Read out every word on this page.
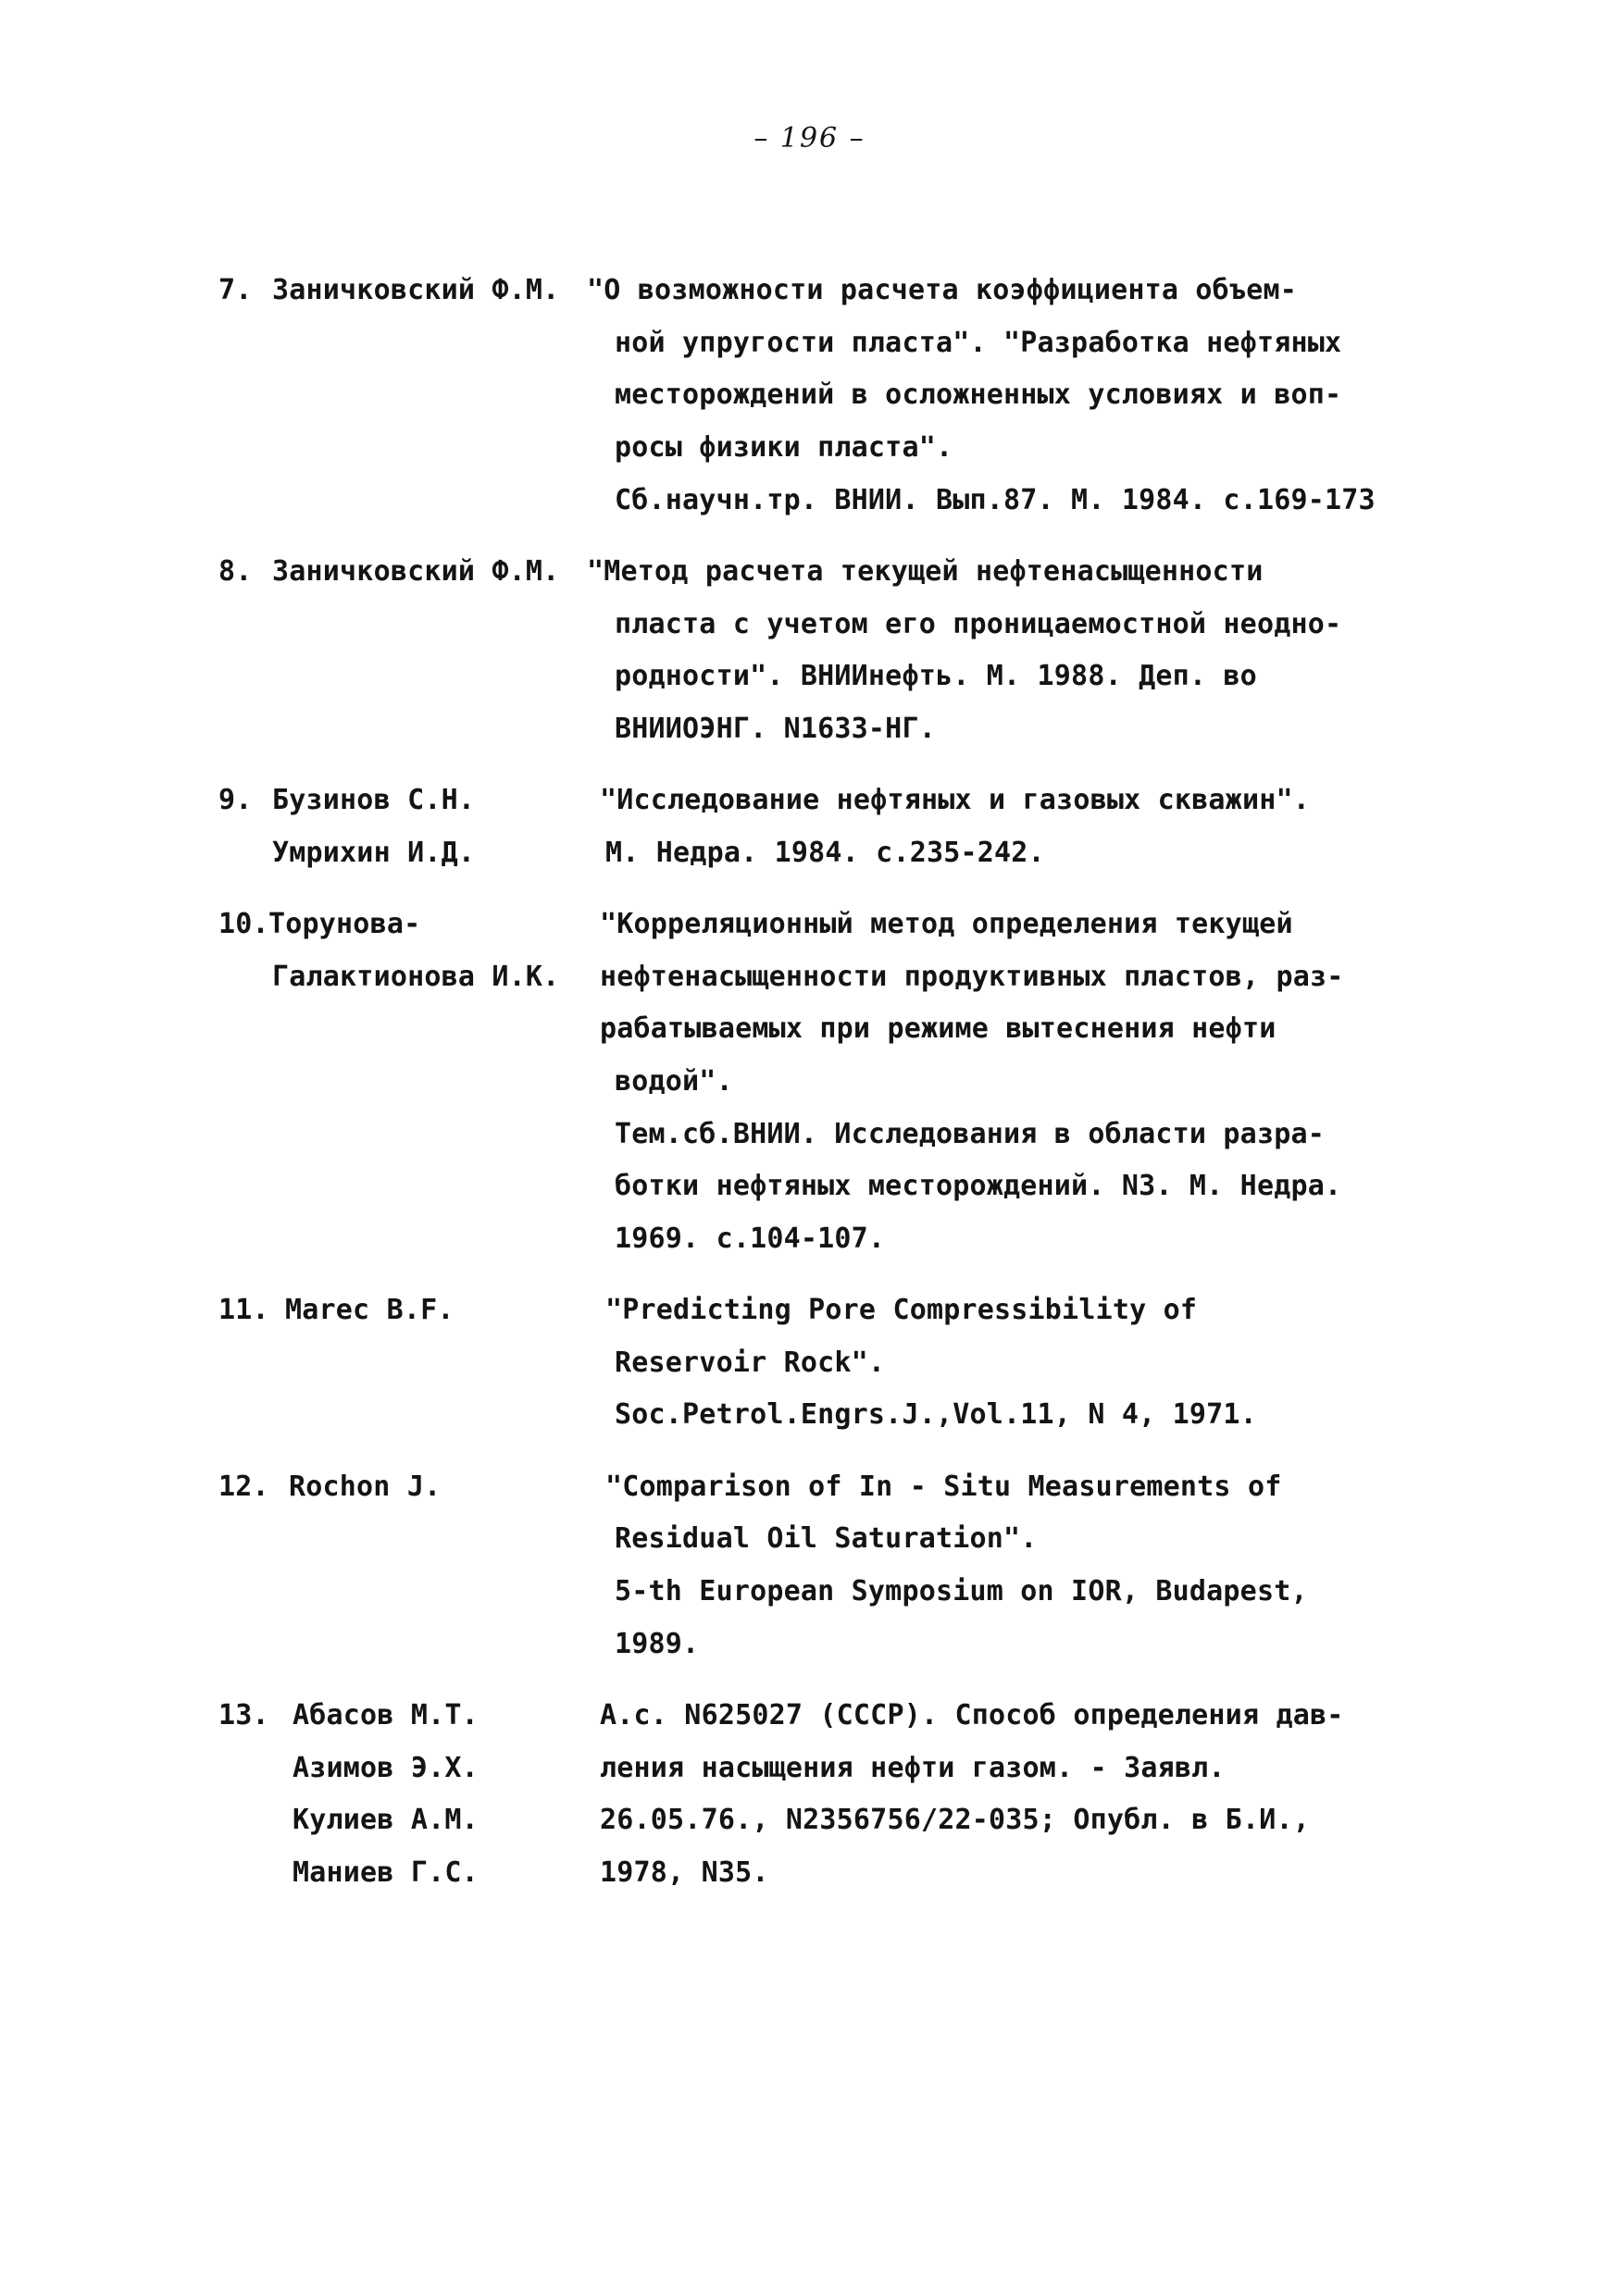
– 196 –
7. Заничковский Ф.М. "О возможности расчета коэффициента объем-
ной упругости пласта". "Разработка нефтяных
месторождений в осложненных условиях и воп-
росы физики пласта".
Сб.научн.тр. ВНИИ. Вып.87. М. 1984. с.169-173
8. Заничковский Ф.М. "Метод расчета текущей нефтенасыщенности
пласта с учетом его проницаемостной неодно-
родности". ВНИИнефть. М. 1988. Деп. во
ВНИИОЭНГ. N1633-НГ.
9. Бузинов С.Н.
Умрихин И.Д.
"Исследование нефтяных и газовых скважин".
М. Недра. 1984. с.235-242.
10. Торунова-
Галактионова И.К.
"Корреляционный метод определения текущей
нефтенасыщенности продуктивных пластов, раз-
рабатываемых при режиме вытеснения нефти
водой".
Тем.сб.ВНИИ. Исследования в области разра-
ботки нефтяных месторождений. N3. М. Недра.
1969. с.104-107.
11. Marec B.F.	"Predicting Pore Compressibility of
Reservoir Rock".
Soc.Petrol.Engrs.J.,Vol.11, N 4, 1971.
12. Rochon J.	"Comparison of In - Situ Measurements of
Residual Oil Saturation".
5-th European Symposium on IOR, Budapest,
1989.
13. Абасов М.Т.
Азимов Э.Х.
Кулиев А.М.
Маниев Г.С.
А.с. N625027 (СССР). Способ определения дав-
ления насыщения нефти газом. - Заявл.
26.05.76., N2356756/22-035; Опубл. в Б.И.,
1978, N35.
